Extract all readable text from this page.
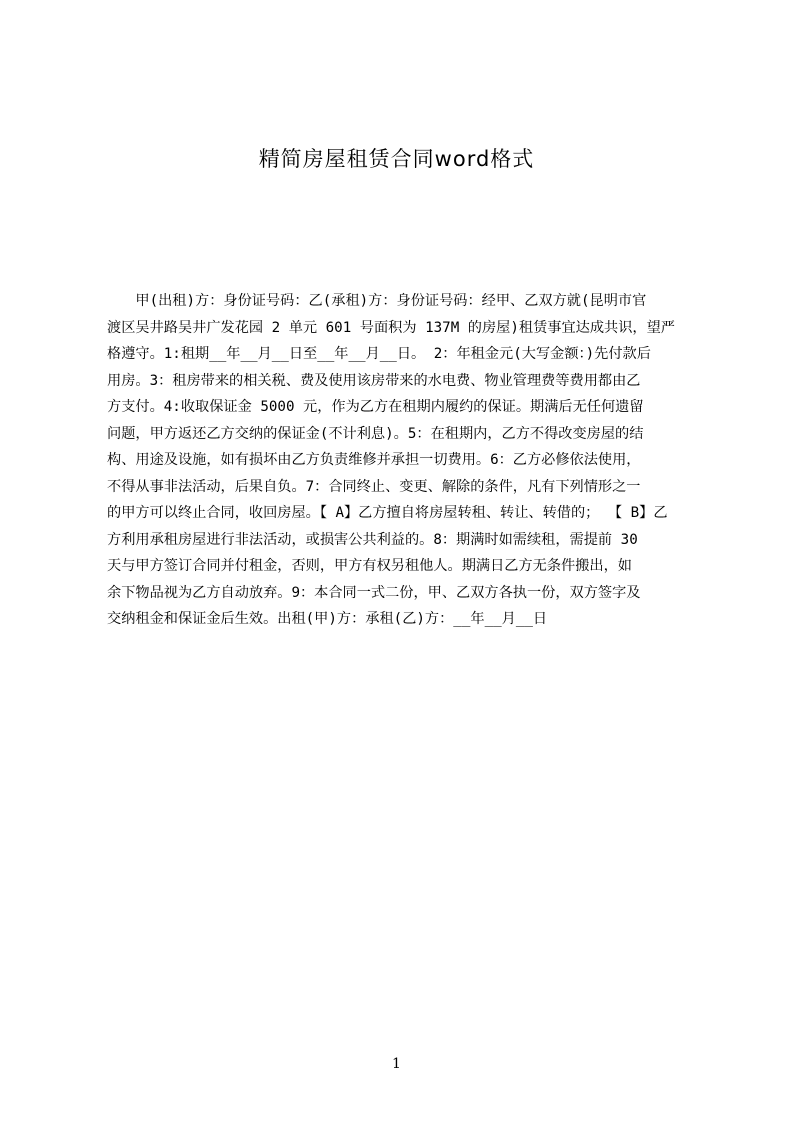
精简房屋租赁合同word格式
　　甲(出租)方：身份证号码：乙(承租)方：身份证号码：经甲、乙双方就(昆明市官
渡区吴井路吴井广发花园 2 单元 601 号面积为 137M 的房屋)租赁事宜达成共识，望严
格遵守。1:租期__年__月__日至__年__月__日。 2：年租金元(大写金额：)先付款后
用房。3：租房带来的相关税、费及使用该房带来的水电费、物业管理费等费用都由乙
方支付。4:收取保证金 5000 元，作为乙方在租期内履约的保证。期满后无任何遗留
问题，甲方返还乙方交纳的保证金(不计利息)。5：在租期内，乙方不得改变房屋的结
构、用途及设施，如有损坏由乙方负责维修并承担一切费用。6：乙方必修依法使用，
不得从事非法活动，后果自负。7：合同终止、变更、解除的条件，凡有下列情形之一
的甲方可以终止合同，收回房屋。【 A】乙方擅自将房屋转租、转让、转借的； 【 B】乙
方利用承租房屋进行非法活动，或损害公共利益的。8：期满时如需续租，需提前 30
天与甲方签订合同并付租金，否则，甲方有权另租他人。期满日乙方无条件搬出，如
余下物品视为乙方自动放弃。9：本合同一式二份，甲、乙双方各执一份，双方签字及
交纳租金和保证金后生效。出租(甲)方：承租(乙)方：__年__月__日
1
